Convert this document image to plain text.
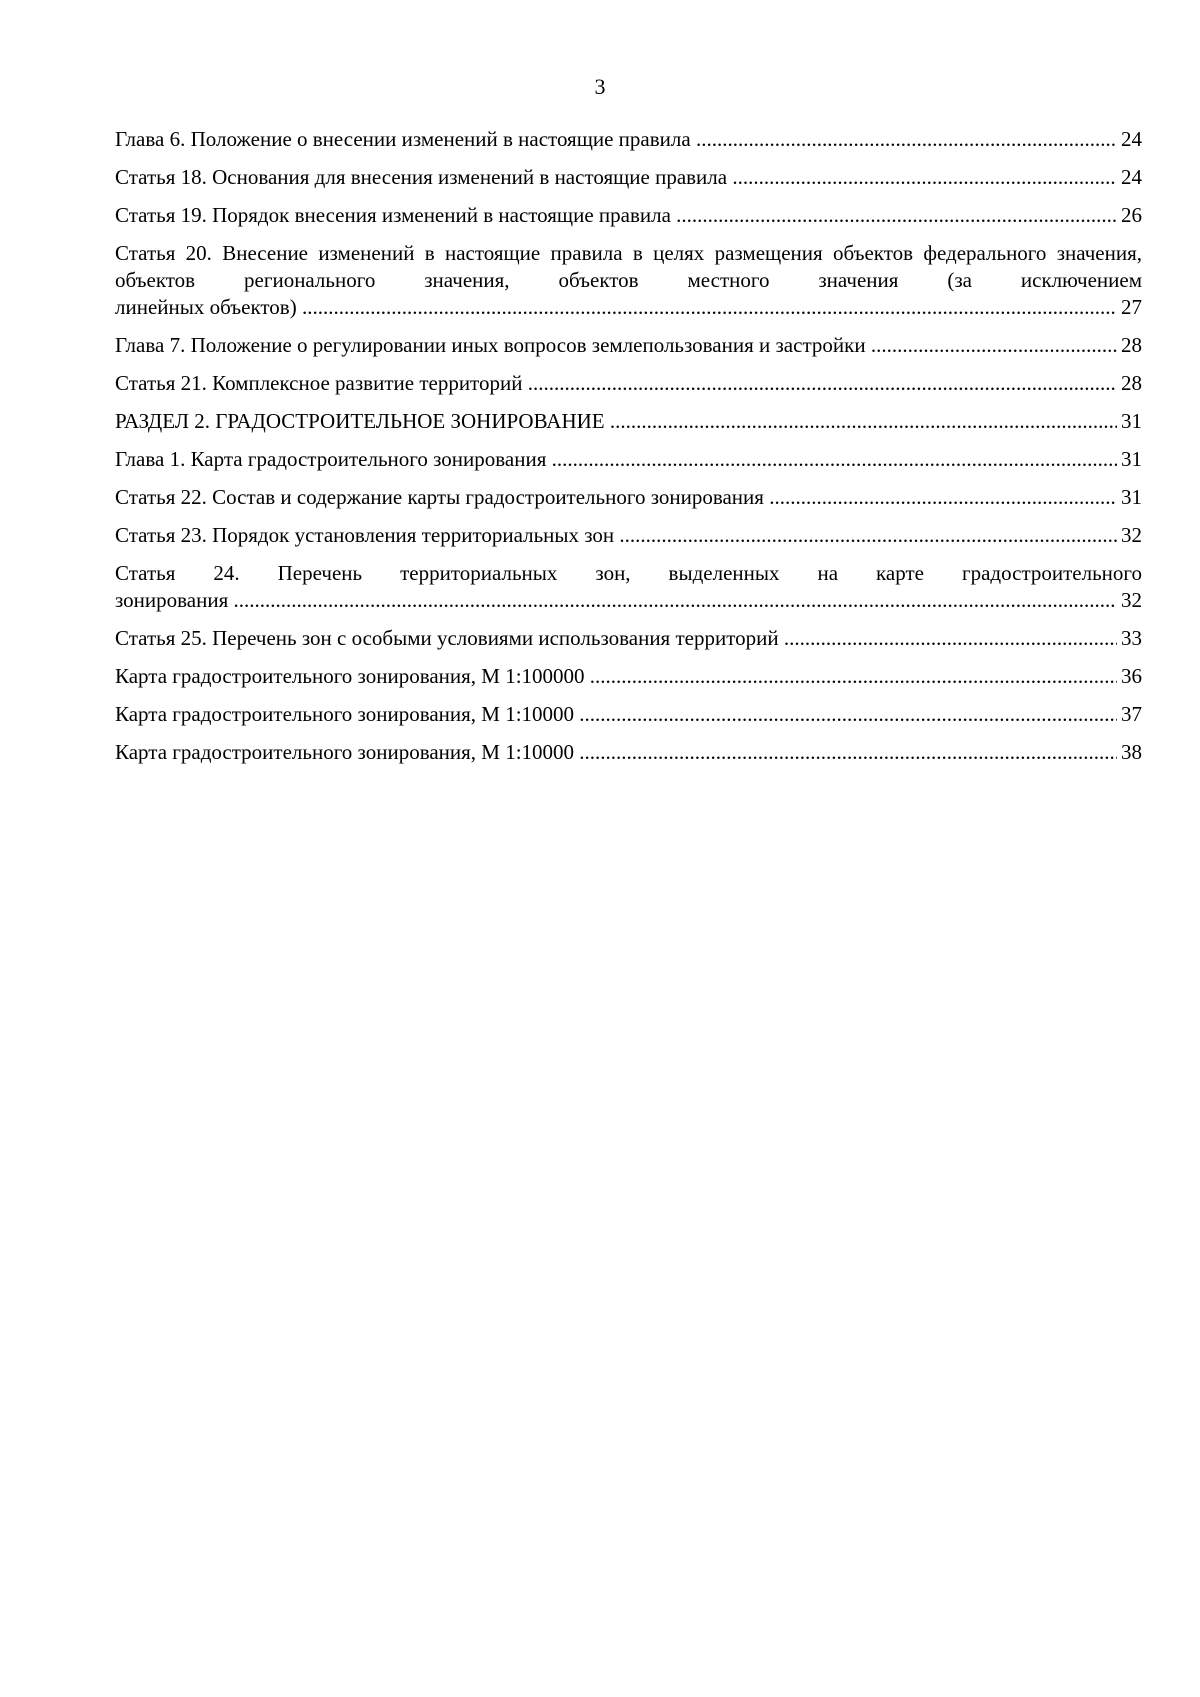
3
24
Глава 6. Положение о внесении изменений в настоящие правила .....
24
Статья 18. Основания для внесения изменений в настоящие правила .....
26
Статья 19. Порядок внесения изменений в настоящие правила .....
Статья 20. Внесение изменений в настоящие правила в целях размещения объектов федерального значения, объектов регионального значения, объектов местного значения (за исключением
27
линейных объектов) .....
28
Глава 7. Положение о регулировании иных вопросов землепользования и застройки .....
28
Статья 21. Комплексное развитие территорий .....
31
РАЗДЕЛ 2. ГРАДОСТРОИТЕЛЬНОЕ ЗОНИРОВАНИЕ .....
31
Глава 1. Карта градостроительного зонирования .....
31
Статья 22. Состав и содержание карты градостроительного зонирования .....
32
Статья 23. Порядок установления территориальных зон .....
Статья 24. Перечень территориальных зон, выделенных на карте градостроительного
32
зонирования .....
33
Статья 25. Перечень зон с особыми условиями использования территорий .....
36
Карта градостроительного зонирования, М 1:100000 .....
37
Карта градостроительного зонирования, М 1:10000 .....
38
Карта градостроительного зонирования, М 1:10000 .....
